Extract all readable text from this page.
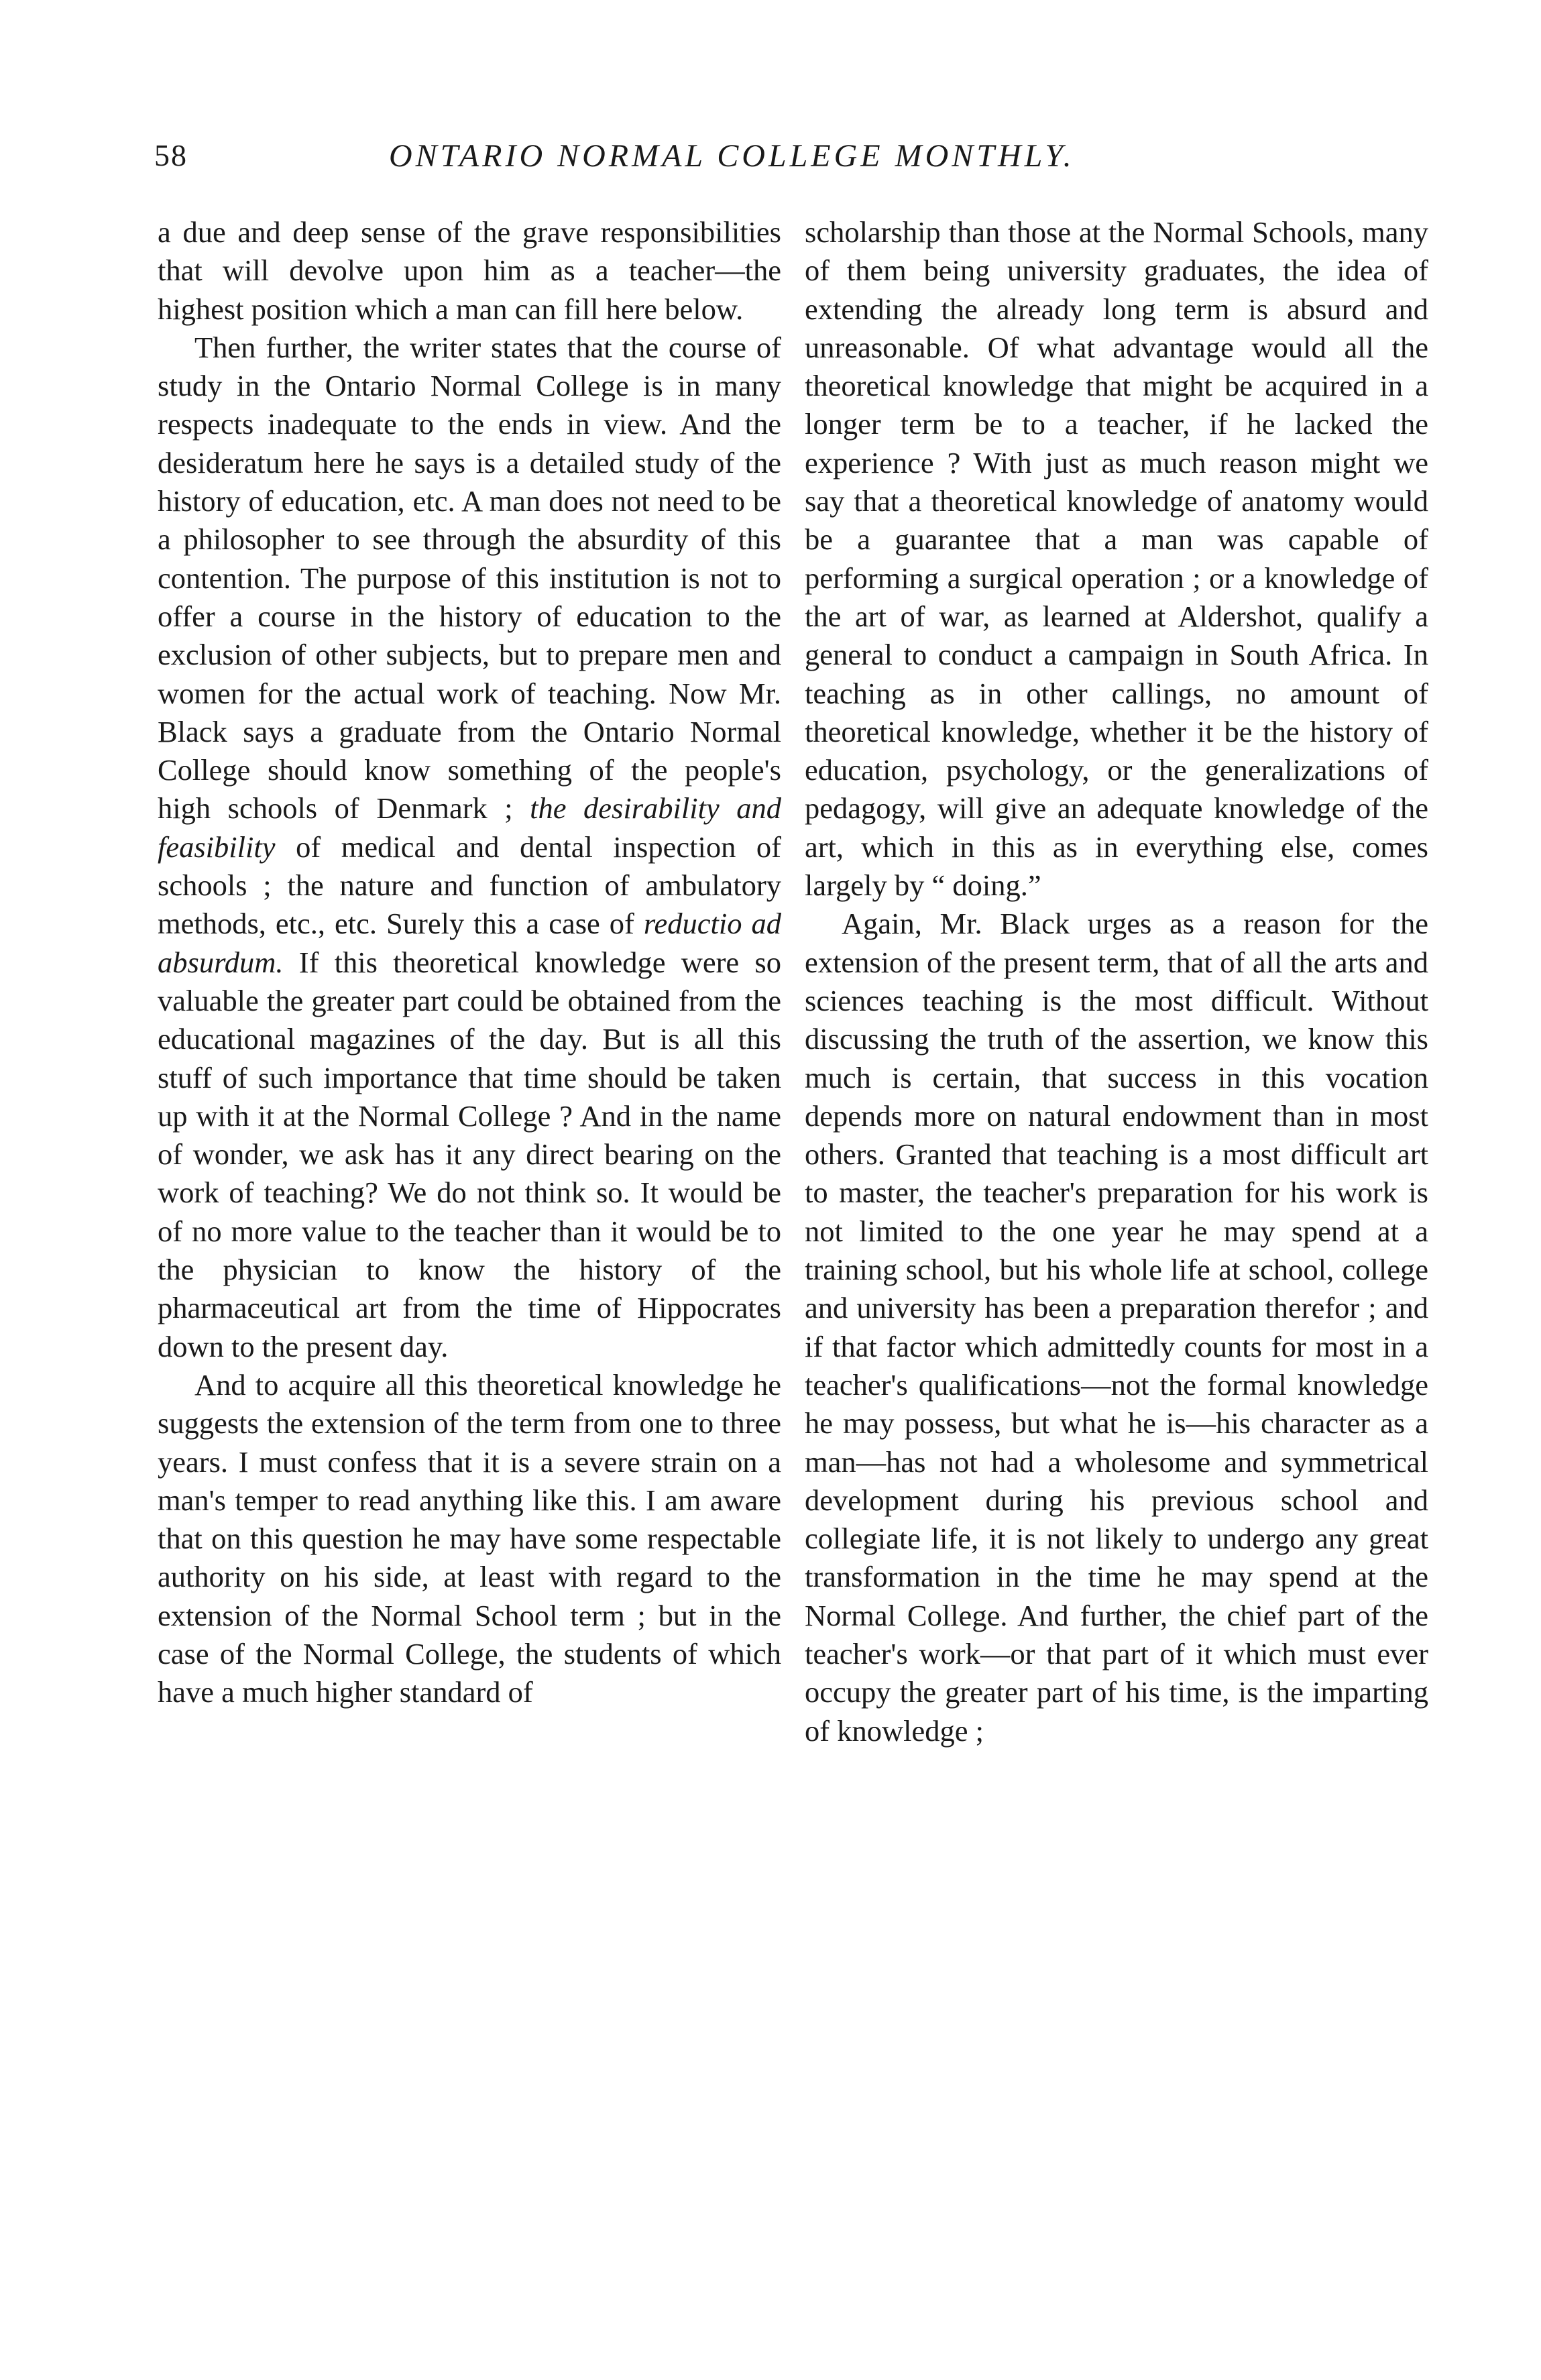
58	ONTARIO NORMAL COLLEGE MONTHLY.

a due and deep sense of the grave responsibilities that will devolve upon him as a teacher—the highest position which a man can fill here below.

Then further, the writer states that the course of study in the Ontario Normal College is in many respects inadequate to the ends in view. And the desideratum here he says is a detailed study of the history of education, etc. A man does not need to be a philosopher to see through the absurdity of this contention. The purpose of this institution is not to offer a course in the history of education to the exclusion of other subjects, but to prepare men and women for the actual work of teaching. Now Mr. Black says a graduate from the Ontario Normal College should know something of the people's high schools of Denmark ; the desirability and feasibility of medical and dental inspection of schools ; the nature and function of ambulatory methods, etc., etc. Surely this a case of reductio ad absurdum. If this theoretical knowledge were so valuable the greater part could be obtained from the educational magazines of the day. But is all this stuff of such importance that time should be taken up with it at the Normal College ? And in the name of wonder, we ask has it any direct bearing on the work of teaching? We do not think so. It would be of no more value to the teacher than it would be to the physician to know the history of the pharmaceutical art from the time of Hippocrates down to the present day.

And to acquire all this theoretical knowledge he suggests the extension of the term from one to three years. I must confess that it is a severe strain on a man's temper to read anything like this. I am aware that on this question he may have some respectable authority on his side, at least with regard to the extension of the Normal School term ; but in the case of the Normal College, the students of which have a much higher standard of

scholarship than those at the Normal Schools, many of them being university graduates, the idea of extending the already long term is absurd and unreasonable. Of what advantage would all the theoretical knowledge that might be acquired in a longer term be to a teacher, if he lacked the experience ? With just as much reason might we say that a theoretical knowledge of anatomy would be a guarantee that a man was capable of performing a surgical operation ; or a knowledge of the art of war, as learned at Aldershot, qualify a general to conduct a campaign in South Africa. In teaching as in other callings, no amount of theoretical knowledge, whether it be the history of education, psychology, or the generalizations of pedagogy, will give an adequate knowledge of the art, which in this as in everything else, comes largely by “ doing.”

Again, Mr. Black urges as a reason for the extension of the present term, that of all the arts and sciences teaching is the most difficult. Without discussing the truth of the assertion, we know this much is certain, that success in this vocation depends more on natural endowment than in most others. Granted that teaching is a most difficult art to master, the teacher's preparation for his work is not limited to the one year he may spend at a training school, but his whole life at school, college and university has been a preparation therefor ; and if that factor which admittedly counts for most in a teacher's qualifications—not the formal knowledge he may possess, but what he is—his character as a man—has not had a wholesome and symmetrical development during his previous school and collegiate life, it is not likely to undergo any great transformation in the time he may spend at the Normal College. And further, the chief part of the teacher's work—or that part of it which must ever occupy the greater part of his time, is the imparting of knowledge ;
